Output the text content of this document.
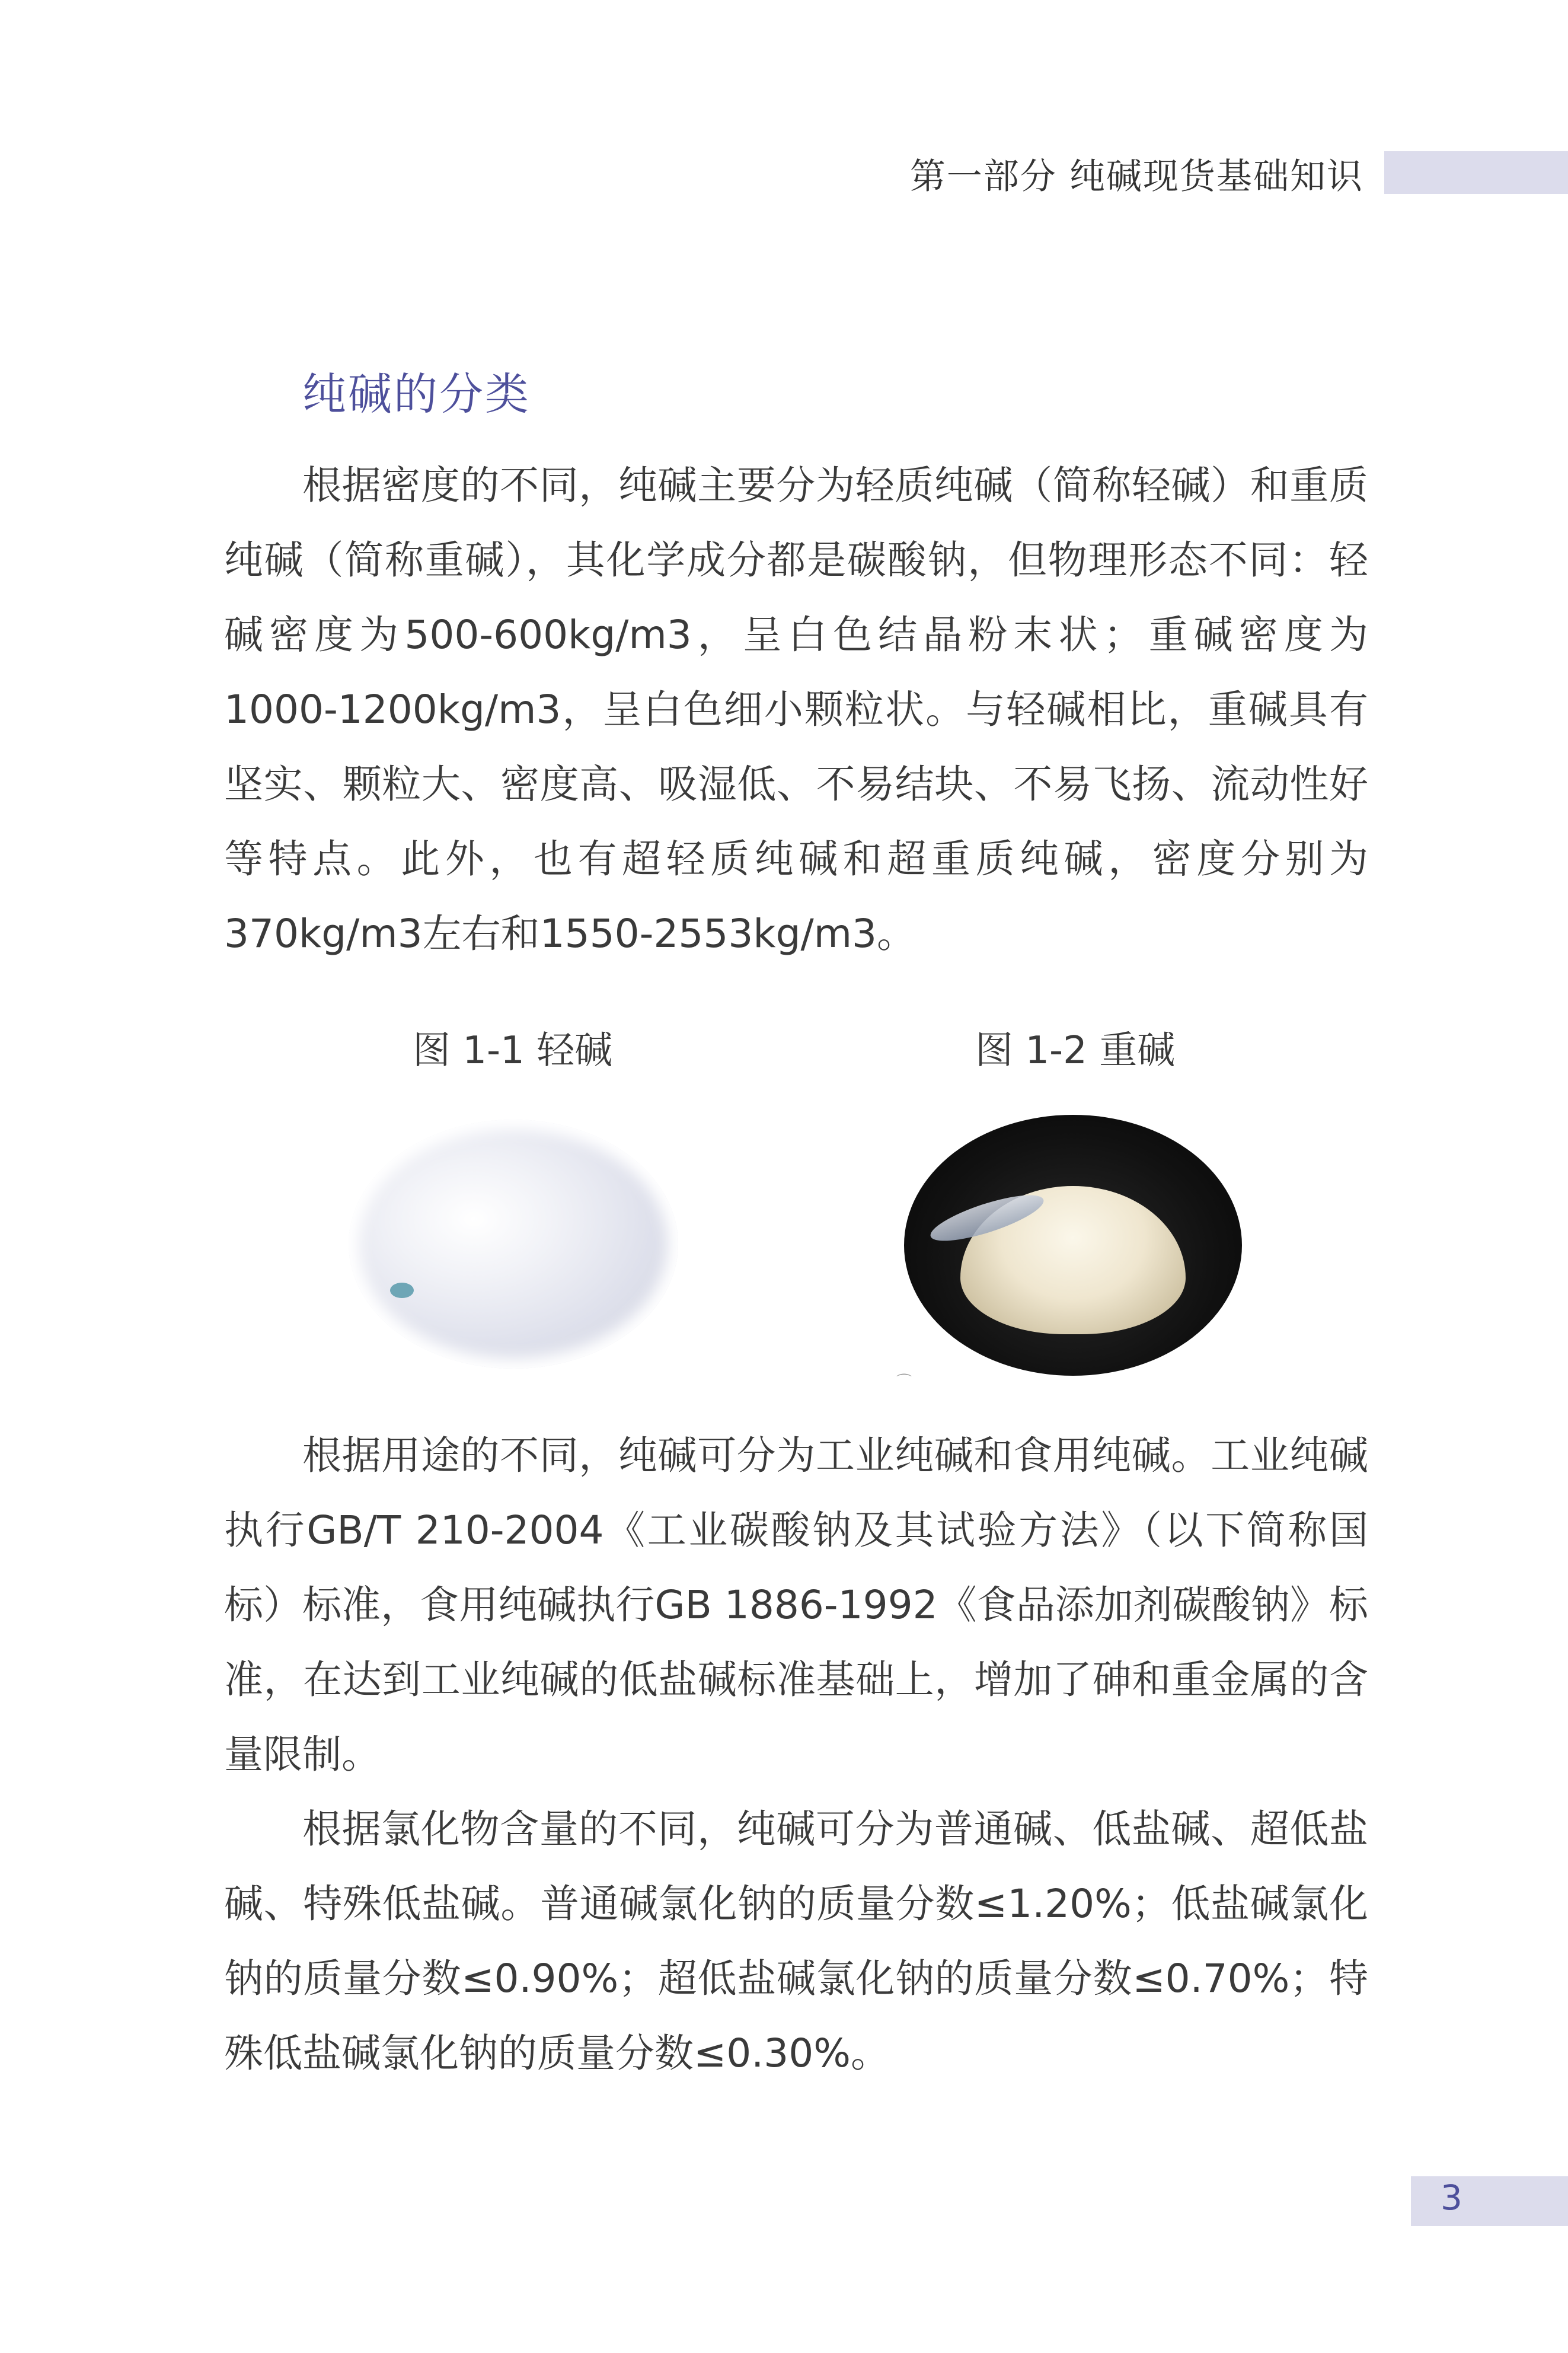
第一部分 纯碱现货基础知识
纯碱的分类

根据密度的不同，纯碱主要分为轻质纯碱（简称轻碱）和重质纯碱（简称重碱），其化学成分都是碳酸钠，但物理形态不同：轻碱密度为500-600kg/m3，呈白色结晶粉末状；重碱密度为1000-1200kg/m3，呈白色细小颗粒状。与轻碱相比，重碱具有坚实、颗粒大、密度高、吸湿低、不易结块、不易飞扬、流动性好等特点。此外，也有超轻质纯碱和超重质纯碱，密度分别为370kg/m3左右和1550-2553kg/m3。

图 1-1 轻碱	图 1-2 重碱
⌒

根据用途的不同，纯碱可分为工业纯碱和食用纯碱。工业纯碱执行GB/T 210-2004《工业碳酸钠及其试验方法》（以下简称国标）标准，食用纯碱执行GB 1886-1992《食品添加剂碳酸钠》标准，在达到工业纯碱的低盐碱标准基础上，增加了砷和重金属的含量限制。

根据氯化物含量的不同，纯碱可分为普通碱、低盐碱、超低盐碱、特殊低盐碱。普通碱氯化钠的质量分数≤1.20%；低盐碱氯化钠的质量分数≤0.90%；超低盐碱氯化钠的质量分数≤0.70%；特殊低盐碱氯化钠的质量分数≤0.30%。

3
